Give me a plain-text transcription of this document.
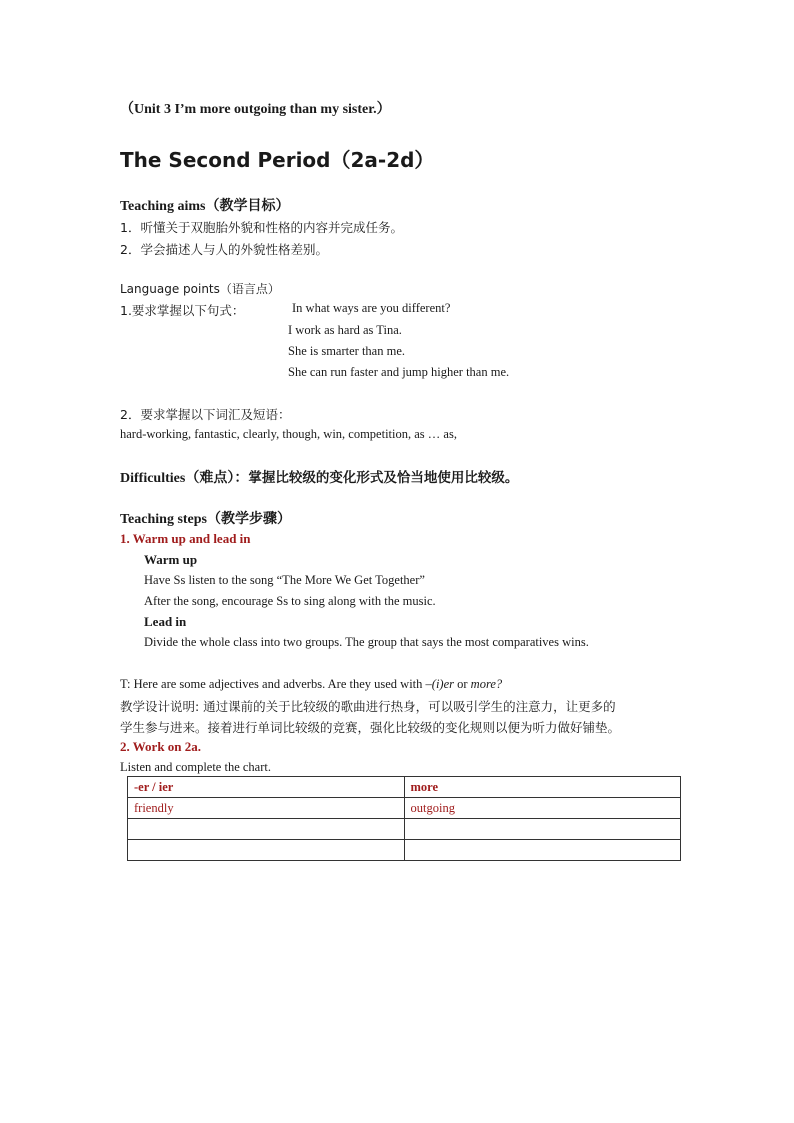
（Unit 3 I’m more outgoing than my sister.）
The Second Period（2a-2d）
Teaching aims（教学目标）
1．听懂关于双胞胎外貌和性格的内容并完成任务。
2．学会描述人与人的外貌性格差别。
Language points（语言点）
1.要求掌握以下句式：	In what ways are you different?
I work as hard as Tina.
She is smarter than me.
She can run faster and jump higher than me.
2．要求掌握以下词汇及短语：
hard-working, fantastic, clearly, though, win, competition, as … as,
Difficulties（难点）：掌握比较级的变化形式及恰当地使用比较级。
Teaching steps（教学步骤）
1. Warm up and lead in
Warm up
Have Ss listen to the song “The More We Get Together”
After the song, encourage Ss to sing along with the music.
Lead in
Divide the whole class into two groups. The group that says the most comparatives wins.
T: Here are some adjectives and adverbs. Are they used with –(i)er or more?
教学设计说明: 通过课前的关于比较级的歌曲进行热身，可以吸引学生的注意力，让更多的
学生参与进来。接着进行单词比较级的竞赛，强化比较级的变化规则以便为听力做好铺垫。
2. Work on 2a.
Listen and complete the chart.
-er / ier	more
friendly	outgoing
